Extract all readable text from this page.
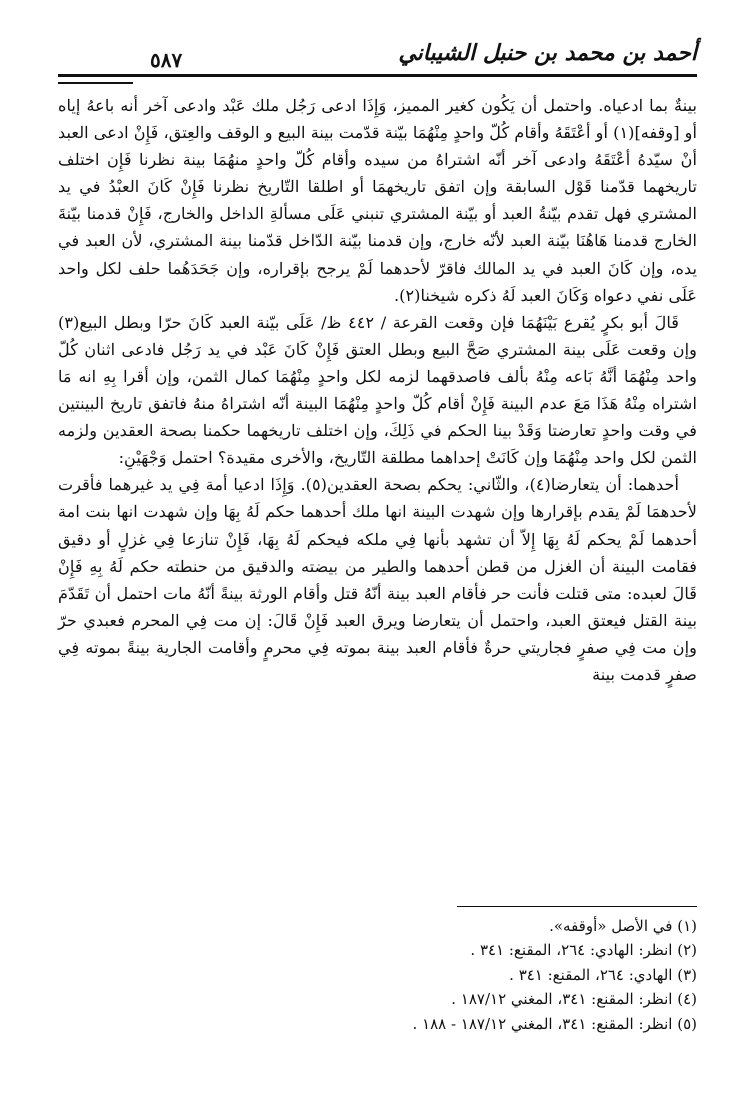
أحمد بن محمد بن حنبل الشيباني
٥٨٧

بينةٌ بما ادعياه. واحتمل أن يَكُون كغير المميز، وَإِذَا ادعى رَجُل ملك عَبْد وادعى آخر أنه باعهُ إياه أو [وقفه](١) أو أعْتَقَهُ وأقام كُلّ واحدٍ مِنْهُمَا بيّنة قدّمت بينة البيع و الوقف والعِتق، فَإِنْ ادعى العبد أنْ سيّدهُ أعْتَقَهُ وادعى آخر أنّه اشتراهُ من سيده وأقام كُلّ واحدٍ منهُمَا بينة نظرنا فَإِن اختلف تاريخهما قدّمنا قَوْل السابقة وإن اتفق تاريخهمَا أو اطلقا التّاريخ نظرنا فَإِنْ كَانَ العبْدُ في يد المشتري فهل تقدم بيّنةُ العبد أو بيّنة المشتري تنبني عَلَى مسألةِ الداخل والخارج، فَإِنْ قدمنا بيّنةَ الخارج قدمنا هَاهُنَا بيّنة العبد لأنّه خارج، وإن قدمنا بيّنة الدّاخل قدّمنا بينة المشتري، لأن العبد في يده، وإن كَانَ العبد في يد المالك فاقرّ لأحدهما لَمْ يرجح بإقراره، وإن جَحَدَهُما حلف لكل واحد عَلَى نفي دعواه وَكَانَ العبد لَهُ ذكره شيخنا(٢).

قَالَ أبو بكرٍ يُقرع بَيْنَهُمَا فإن وقعت القرعة / ٤٤٢ ظ/ عَلَى بيّنة العبد كَانَ حرّا وبطل البيع(٣) وإن وقعت عَلَى بينة المشتري صَحَّ البيع وبطل العتق فَإِنْ كَانَ عَبْد في يد رَجُل فادعى اثنان كُلّ واحد مِنْهُمَا أنَّهُ بَاعه مِنْهُ بألف فاصدقهما لزمه لكل واحدٍ مِنْهُمَا كمال الثمن، وإن أقرا بِهِ انه مَا اشتراه مِنْهُ هَذَا مَعَ عدم البينة فَإِنْ أقام كُلّ واحدٍ مِنْهُمَا البينة أنّه اشتراهُ منهُ فاتفق تاريخ البينتين في وقت واحدٍ تعارضتا وَقَدْ بينا الحكم في ذَلِكَ، وإن اختلف تاريخهما حكمنا بصحة العقدين ولزمه الثمن لكل واحد مِنْهُمَا وإن كَانَتْ إحداهما مطلقة التّاريخ، والأخرى مقيدة؟ احتمل وَجْهَيْنِ:

أحدهما: أن يتعارضا(٤)، والثّاني: يحكم بصحة العقدين(٥). وَإِذَا ادعيا أمة فِي يد غيرهما فأقرت لأحدهمَا لَمْ يقدم بإقرارها وإن شهدت البينة انها ملك أحدهما حكم لَهُ بِهَا وإن شهدت انها بنت امة أحدهما لَمْ يحكم لَهُ بِهَا إِلاّ أن تشهد بأنها فِي ملكه فيحكم لَهُ بِهَا، فَإِنْ تنازعا فِي غزلٍ أو دقيق فقامت البينة أن الغزل من قطن أحدهما والطير من بيضته والدقيق من حنطته حكم لَهُ بِهِ فَإِنْ قَالَ لعبده: متى قتلت فأنت حر فأقام العبد بينة أنّهُ قتل وأقام الورثة بينةً أنّهُ مات احتمل أن تَقَدّمَ بينة القتل فيعتق العبد، واحتمل أن يتعارضا ويرق العبد فَإِنْ قَالَ: إن مت فِي المحرم فعبدي حرّ وإن مت فِي صفرٍ فجاريتي حرةٌ فأقام العبد بينة بموته فِي محرمٍ وأقامت الجارية بينةً بموته فِي صفرٍ قدمت بينة

(١) في الأصل «أوقفه».
(٢) انظر: الهادي: ٢٦٤، المقنع: ٣٤١ .
(٣) الهادي: ٢٦٤، المقنع: ٣٤١ .
(٤) انظر: المقنع: ٣٤١، المغني ١٨٧/١٢ .
(٥) انظر: المقنع: ٣٤١، المغني ١٨٧/١٢ - ١٨٨ .
